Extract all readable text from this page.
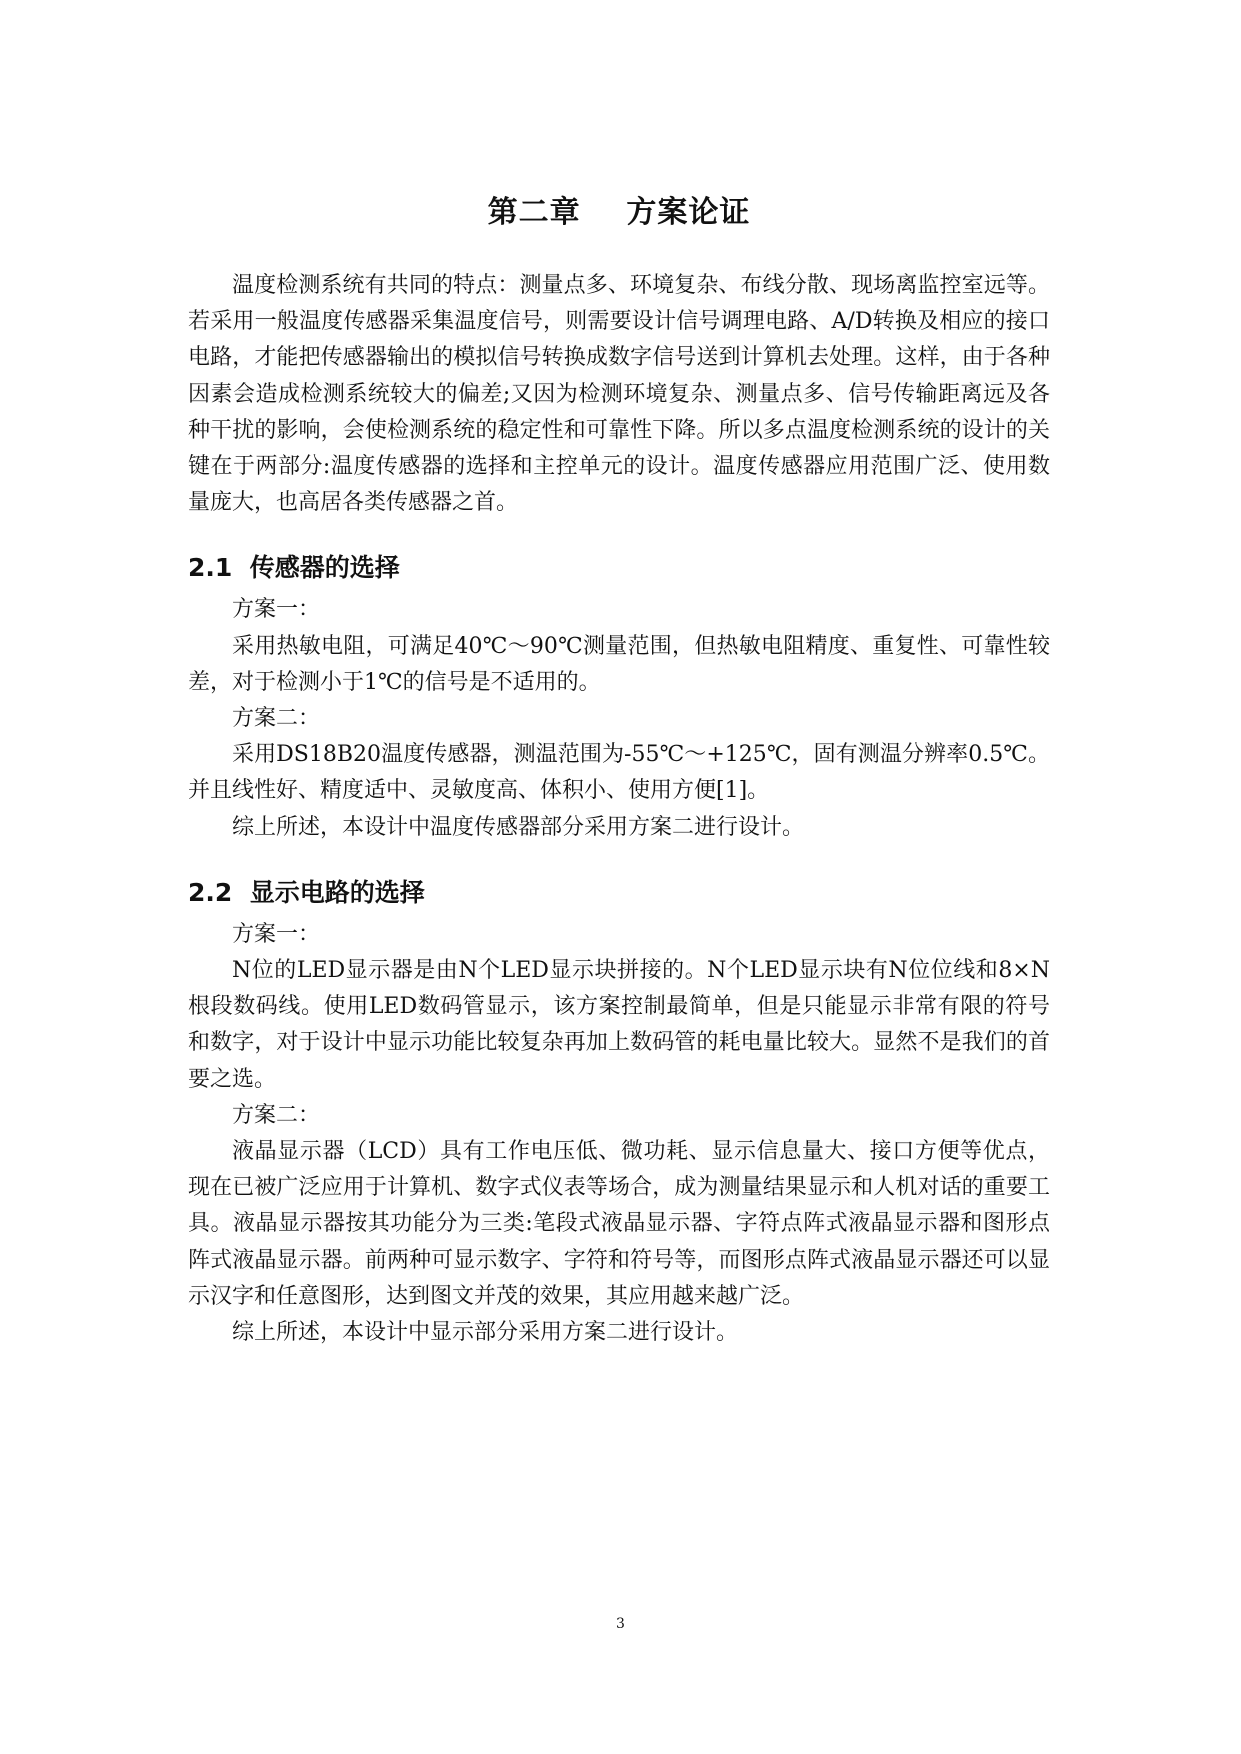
第二章    方案论证

温度检测系统有共同的特点：测量点多、环境复杂、布线分散、现场离监控室远等。若采用一般温度传感器采集温度信号，则需要设计信号调理电路、A/D转换及相应的接口电路，才能把传感器输出的模拟信号转换成数字信号送到计算机去处理。这样，由于各种因素会造成检测系统较大的偏差;又因为检测环境复杂、测量点多、信号传输距离远及各种干扰的影响，会使检测系统的稳定性和可靠性下降。所以多点温度检测系统的设计的关键在于两部分:温度传感器的选择和主控单元的设计。温度传感器应用范围广泛、使用数量庞大，也高居各类传感器之首。

2.1  传感器的选择

方案一：

采用热敏电阻，可满足40℃～90℃测量范围，但热敏电阻精度、重复性、可靠性较差，对于检测小于1℃的信号是不适用的。

方案二：

采用DS18B20温度传感器，测温范围为-55℃～+125℃，固有测温分辨率0.5℃。并且线性好、精度适中、灵敏度高、体积小、使用方便[1]。

综上所述，本设计中温度传感器部分采用方案二进行设计。

2.2  显示电路的选择

方案一：

N位的LED显示器是由N个LED显示块拼接的。N个LED显示块有N位位线和8×N根段数码线。使用LED数码管显示，该方案控制最简单，但是只能显示非常有限的符号和数字，对于设计中显示功能比较复杂再加上数码管的耗电量比较大。显然不是我们的首要之选。

方案二：

液晶显示器（LCD）具有工作电压低、微功耗、显示信息量大、接口方便等优点，现在已被广泛应用于计算机、数字式仪表等场合，成为测量结果显示和人机对话的重要工具。液晶显示器按其功能分为三类:笔段式液晶显示器、字符点阵式液晶显示器和图形点阵式液晶显示器。前两种可显示数字、字符和符号等，而图形点阵式液晶显示器还可以显示汉字和任意图形，达到图文并茂的效果，其应用越来越广泛。

综上所述，本设计中显示部分采用方案二进行设计。

3
